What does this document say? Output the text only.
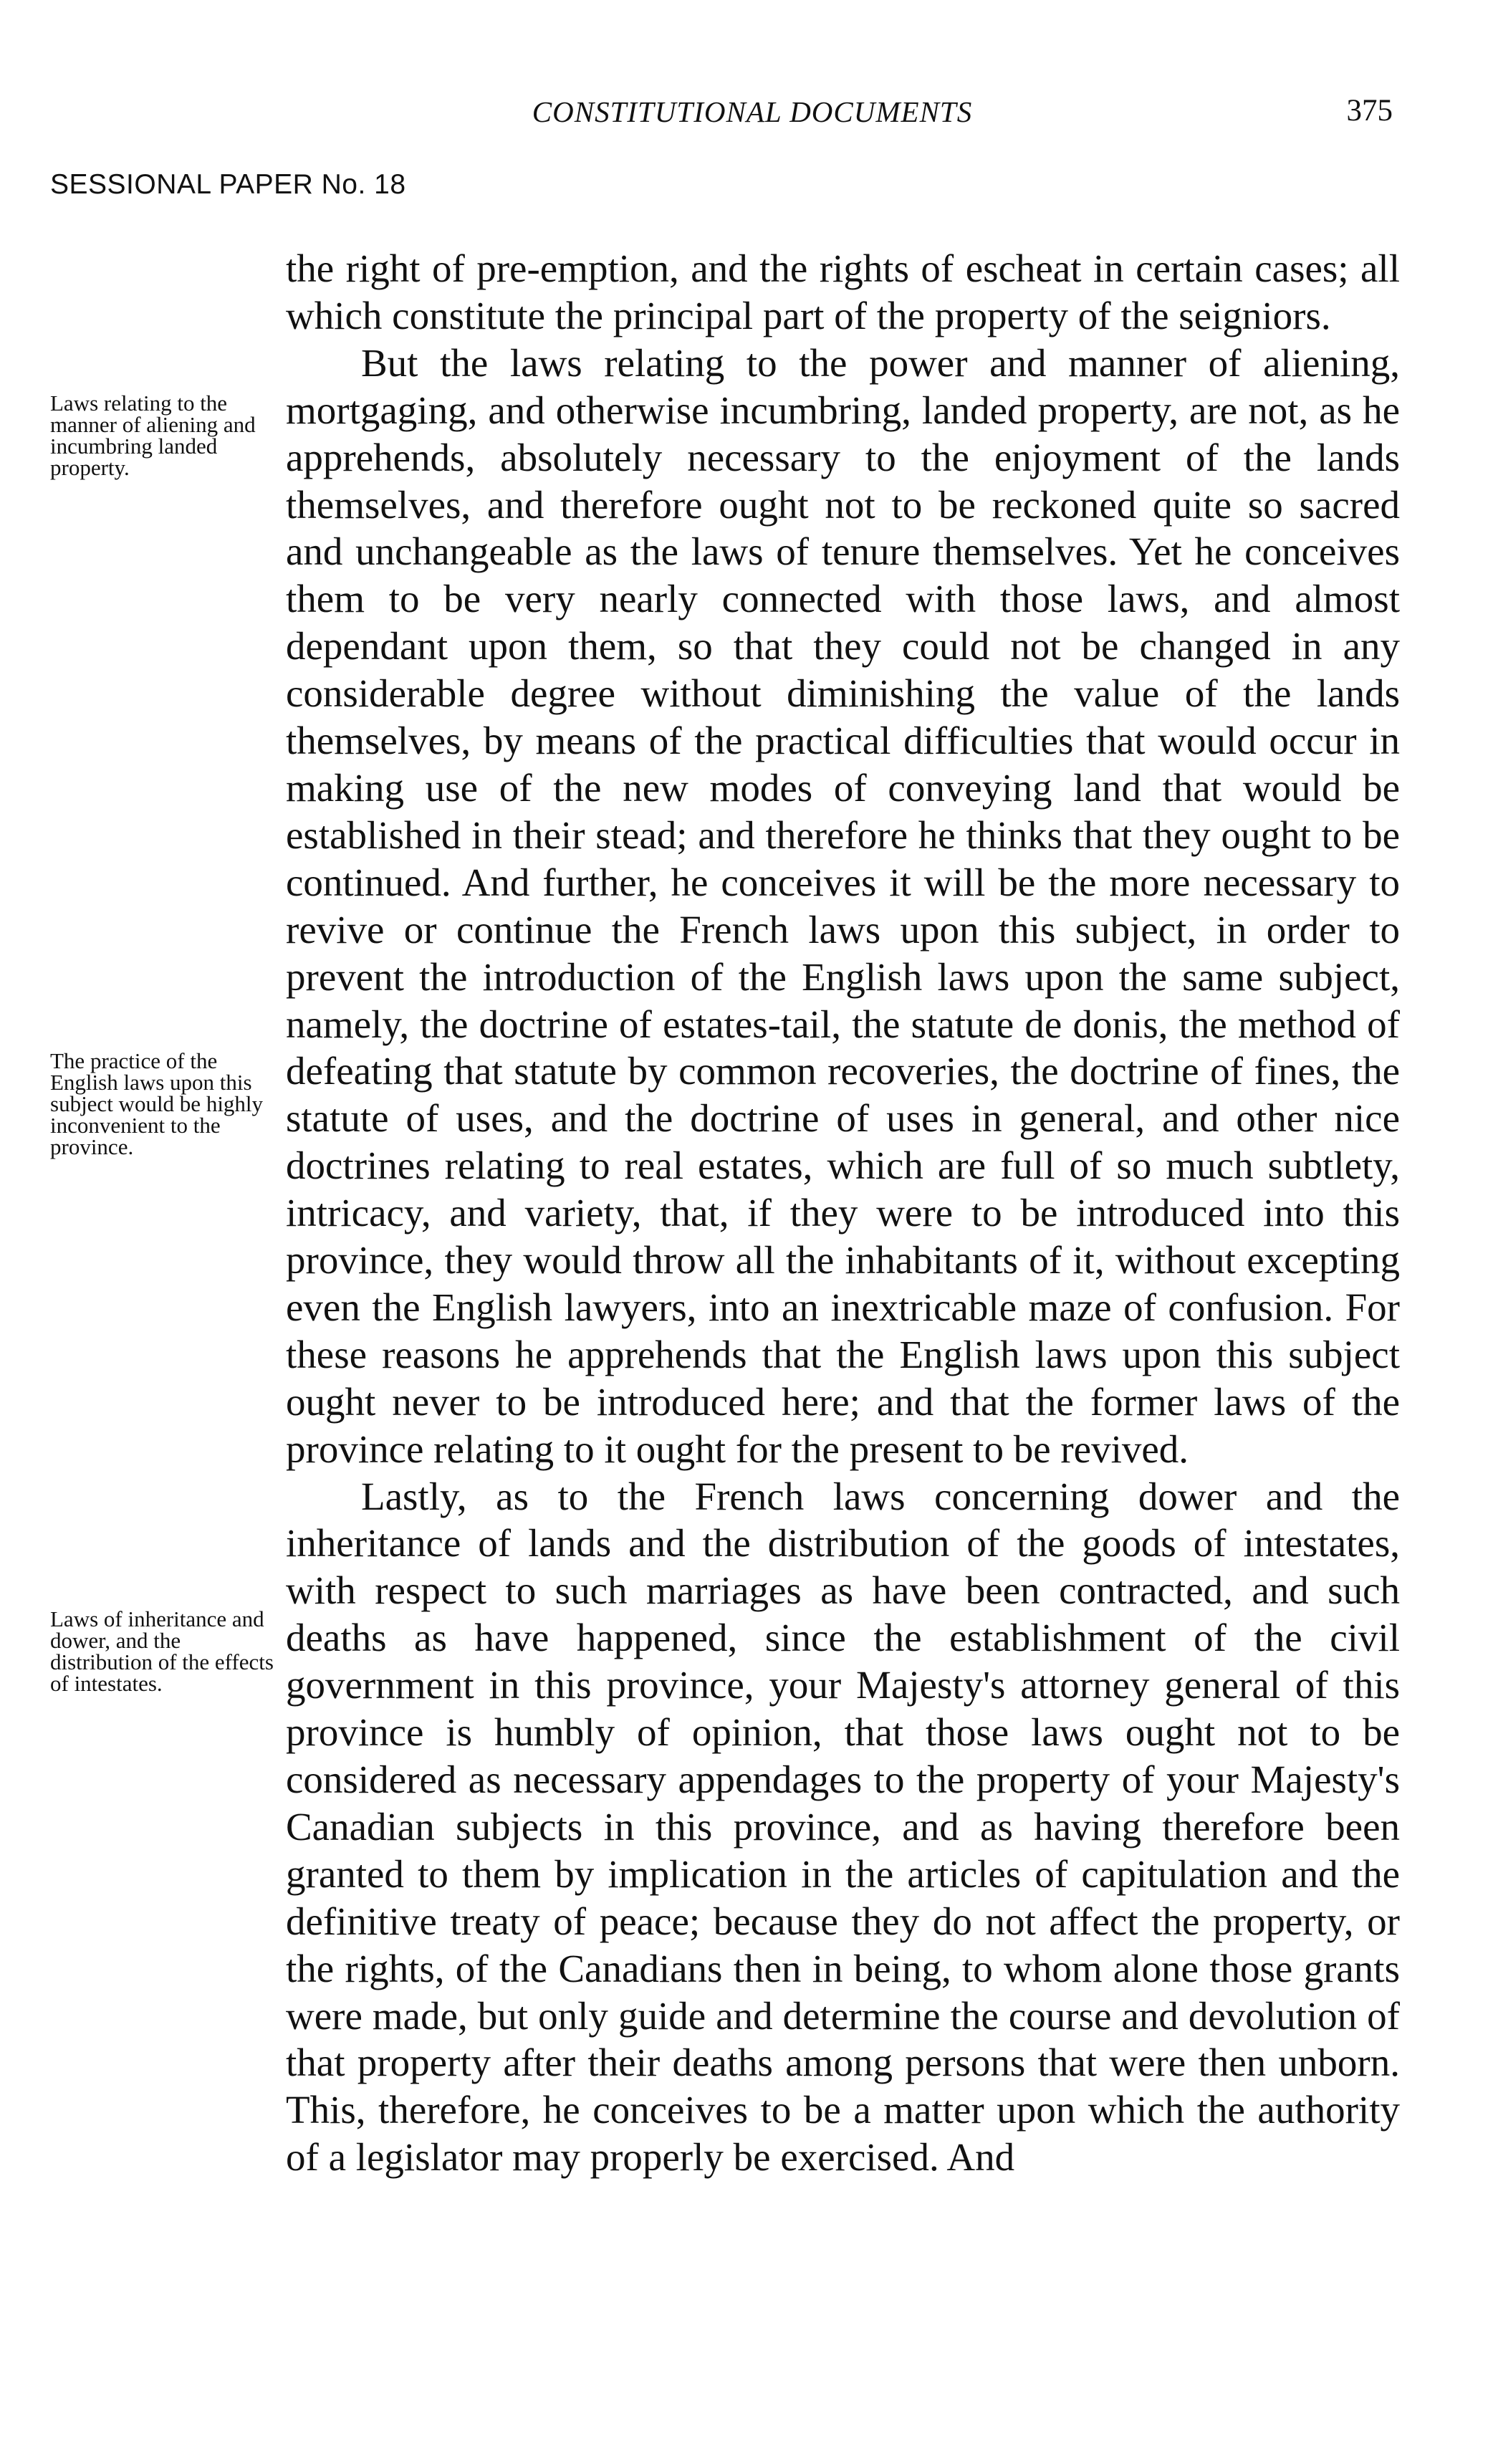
CONSTITUTIONAL DOCUMENTS	375
SESSIONAL PAPER No. 18
Laws relating to the manner of aliening and incumbring landed property.
The practice of the English laws upon this subject would be highly inconvenient to the province.
Laws of inheritance and dower, and the distribution of the effects of intestates.

the right of pre-emption, and the rights of escheat in certain cases; all which constitute the principal part of the property of the seigniors.

But the laws relating to the power and manner of aliening, mortgaging, and otherwise incumbring, landed property, are not, as he apprehends, absolutely necessary to the enjoyment of the lands themselves, and therefore ought not to be reckoned quite so sacred and unchangeable as the laws of tenure themselves. Yet he conceives them to be very nearly connected with those laws, and almost dependant upon them, so that they could not be changed in any considerable degree without diminishing the value of the lands themselves, by means of the practical difficulties that would occur in making use of the new modes of conveying land that would be established in their stead; and therefore he thinks that they ought to be continued. And further, he conceives it will be the more necessary to revive or continue the French laws upon this subject, in order to prevent the introduction of the English laws upon the same subject, namely, the doctrine of estates-tail, the statute de donis, the method of defeating that statute by common recoveries, the doctrine of fines, the statute of uses, and the doctrine of uses in general, and other nice doctrines relating to real estates, which are full of so much subtlety, intricacy, and variety, that, if they were to be introduced into this province, they would throw all the inhabitants of it, without excepting even the English lawyers, into an inextricable maze of confusion. For these reasons he apprehends that the English laws upon this subject ought never to be introduced here; and that the former laws of the province relating to it ought for the present to be revived.

Lastly, as to the French laws concerning dower and the inheritance of lands and the distribution of the goods of intestates, with respect to such marriages as have been contracted, and such deaths as have happened, since the establishment of the civil government in this province, your Majesty's attorney general of this province is humbly of opinion, that those laws ought not to be considered as necessary appendages to the property of your Majesty's Canadian subjects in this province, and as having therefore been granted to them by implication in the articles of capitulation and the definitive treaty of peace; because they do not affect the property, or the rights, of the Canadians then in being, to whom alone those grants were made, but only guide and determine the course and devolution of that property after their deaths among persons that were then unborn. This, therefore, he conceives to be a matter upon which the authority of a legislator may properly be exercised. And
